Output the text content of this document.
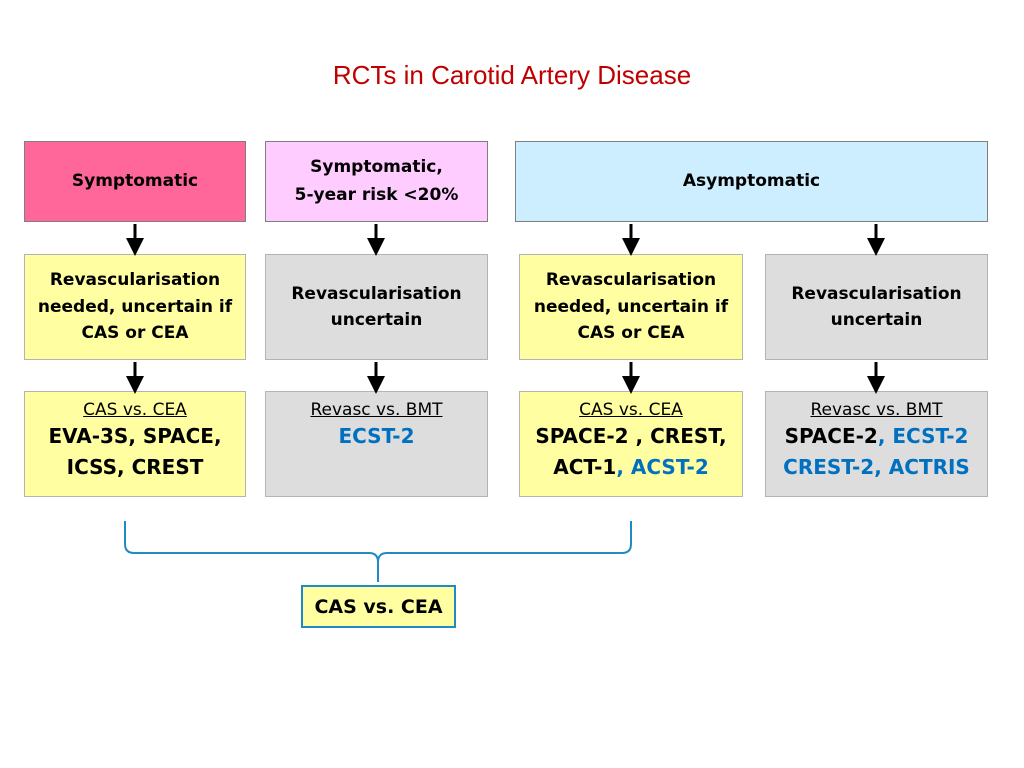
RCTs in Carotid Artery Disease
Symptomatic
Symptomatic,
5-year risk <20%
Asymptomatic
Revascularisation
needed, uncertain if
CAS or CEA
Revascularisation
uncertain
Revascularisation
needed, uncertain if
CAS or CEA
Revascularisation
uncertain
CAS vs. CEA
EVA-3S, SPACE,
ICSS, CREST
Revasc vs. BMT
ECST-2
CAS vs. CEA
SPACE-2 , CREST,
ACT-1, ACST-2
Revasc vs. BMT
SPACE-2, ECST-2
CREST-2, ACTRIS
CAS vs. CEA
